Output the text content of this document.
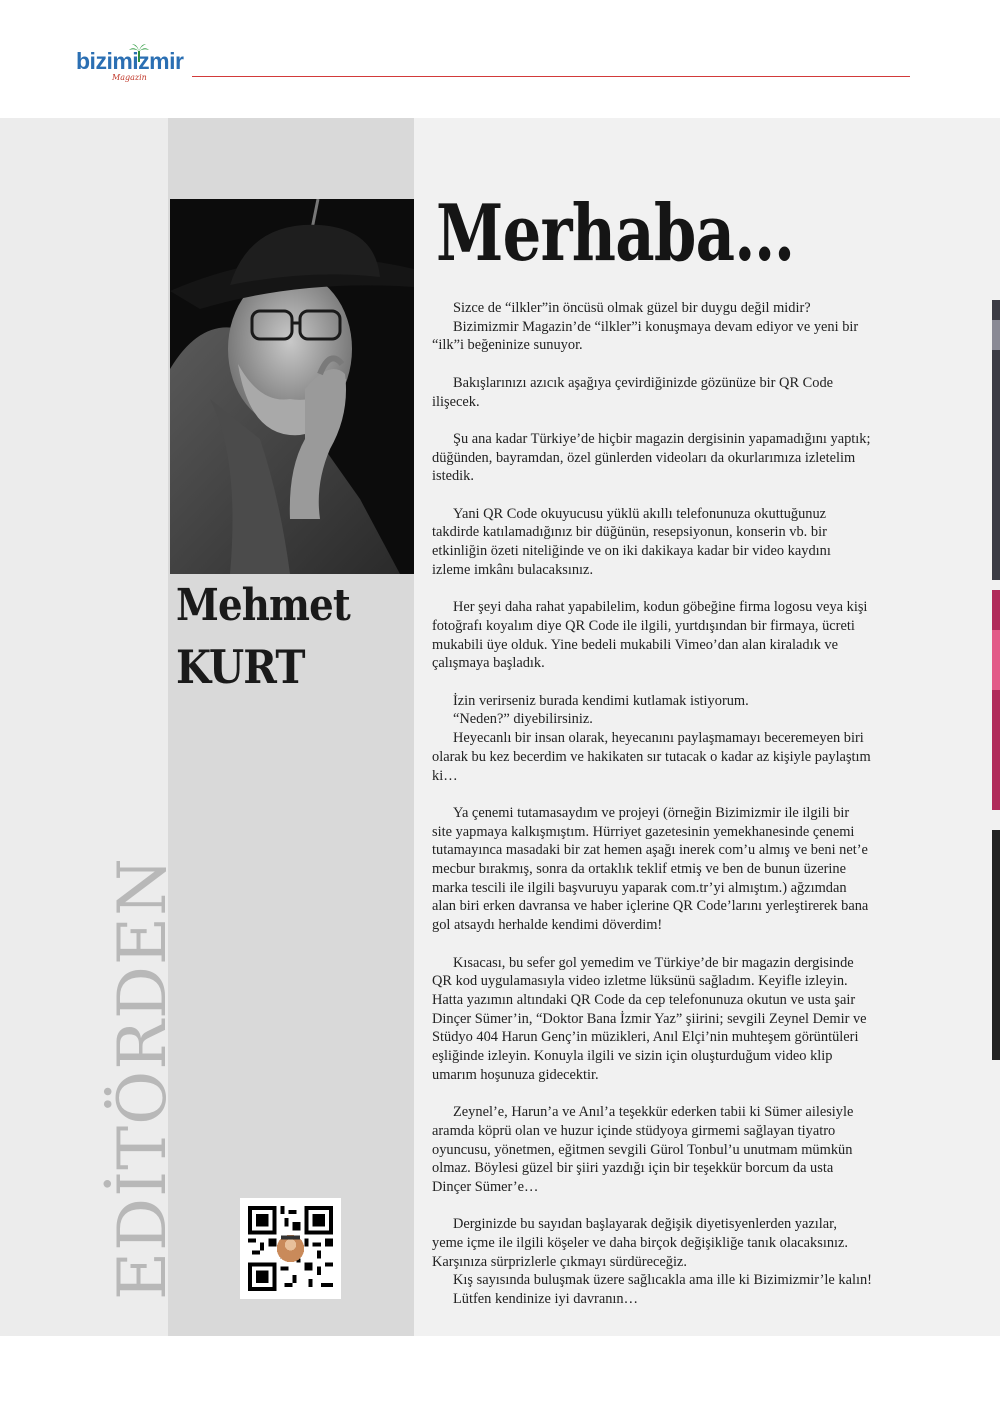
bizimizmir
Magazin
Mehmet
KURT
EDİTÖRDEN
Merhaba…
Sizce de “ilkler”in öncüsü olmak güzel bir duygu değil midir?
Bizimizmir Magazin’de “ilkler”i konuşmaya devam ediyor ve yeni bir
“ilk”i beğeninize sunuyor.
Bakışlarınızı azıcık aşağıya çevirdiğinizde gözünüze bir QR Code
ilişecek.
Şu ana kadar Türkiye’de hiçbir magazin dergisinin yapamadığını yaptık;
düğünden, bayramdan, özel günlerden videoları da okurlarımıza izletelim
istedik.
Yani QR Code okuyucusu yüklü akıllı telefonunuza okuttuğunuz
takdirde katılamadığınız bir düğünün, resepsiyonun, konserin vb. bir
etkinliğin özeti niteliğinde ve on iki dakikaya kadar bir video kaydını
izleme imkânı bulacaksınız.
Her şeyi daha rahat yapabilelim, kodun göbeğine firma logosu veya kişi
fotoğrafı koyalım diye QR Code ile ilgili, yurtdışından bir firmaya, ücreti
mukabili üye olduk. Yine bedeli mukabili Vimeo’dan alan kiraladık ve
çalışmaya başladık.
İzin verirseniz burada kendimi kutlamak istiyorum.
“Neden?” diyebilirsiniz.
Heyecanlı bir insan olarak, heyecanını paylaşmamayı beceremeyen biri
olarak bu kez becerdim ve hakikaten sır tutacak o kadar az kişiyle paylaştım
ki…
Ya çenemi tutamasaydım ve projeyi (örneğin Bizimizmir ile ilgili bir
site yapmaya kalkışmıştım. Hürriyet gazetesinin yemekhanesinde çenemi
tutamayınca masadaki bir zat hemen aşağı inerek com’u almış ve beni net’e
mecbur bırakmış, sonra da ortaklık teklif etmiş ve ben de bunun üzerine
marka tescili ile ilgili başvuruyu yaparak com.tr’yi almıştım.) ağzımdan
alan biri erken davransa ve haber içlerine QR Code’larını yerleştirerek bana
gol atsaydı herhalde kendimi döverdim!
Kısacası, bu sefer gol yemedim ve Türkiye’de bir magazin dergisinde
QR kod uygulamasıyla video izletme lüksünü sağladım. Keyifle izleyin.
Hatta yazımın altındaki QR Code da cep telefonunuza okutun ve usta şair
Dinçer Sümer’in, “Doktor Bana İzmir Yaz” şiirini; sevgili Zeynel Demir ve
Stüdyo 404 Harun Genç’in müzikleri, Anıl Elçi’nin muhteşem görüntüleri
eşliğinde izleyin. Konuyla ilgili ve sizin için oluşturduğum video klip
umarım hoşunuza gidecektir.
Zeynel’e, Harun’a ve Anıl’a teşekkür ederken tabii ki Sümer ailesiyle
aramda köprü olan ve huzur içinde stüdyoya girmemi sağlayan tiyatro
oyuncusu, yönetmen, eğitmen sevgili Gürol Tonbul’u unutmam mümkün
olmaz. Böylesi güzel bir şiiri yazdığı için bir teşekkür borcum da usta
Dinçer Sümer’e…
Derginizde bu sayıdan başlayarak değişik diyetisyenlerden yazılar,
yeme içme ile ilgili köşeler ve daha birçok değişikliğe tanık olacaksınız.
Karşınıza sürprizlerle çıkmayı sürdüreceğiz.
Kış sayısında buluşmak üzere sağlıcakla ama ille ki Bizimizmir’le kalın!
Lütfen kendinize iyi davranın…
